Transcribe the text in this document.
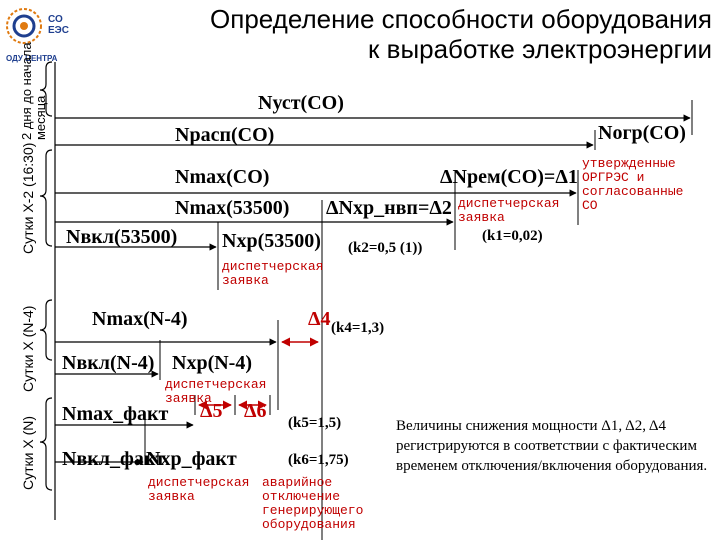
СО ЕЭС
ОДУ ЦЕНТРА
Определение способности оборудования
к выработке электроэнергии
Сутки Х (N)
Сутки Х (N-4)
Сутки Х-2 (16:30)
2 дня до начала месяца	Nуст(СО)
Nрасп(СО)	Nогр(СО)
Nmax(СО)	ΔNрем(СО)=Δ1
утвержденные ОРГРЭС и согласованные СО
Nmax(53500) ΔNхр_нвп=Δ2 диспетчерская заявка
(k1=0,02)
Nвкл(53500) Nхр(53500) (k2=0,5 (1))
диспетчерская заявка
Nmax(N-4)	Δ4 (k4=1,3)
Nвкл(N-4) Nхр(N-4)
диспетчерская заявка
Nmax_факт Δ5 Δ6
(k5=1,5)
Nвкл_факт
Nхр_факт	(k6=1,75)
диспетчерская заявка
аварийное отключение генерирующего оборудования
Величины снижения мощности Δ1, Δ2, Δ4 регистрируются в соответствии с фактическим временем отключения/включения оборудования.
